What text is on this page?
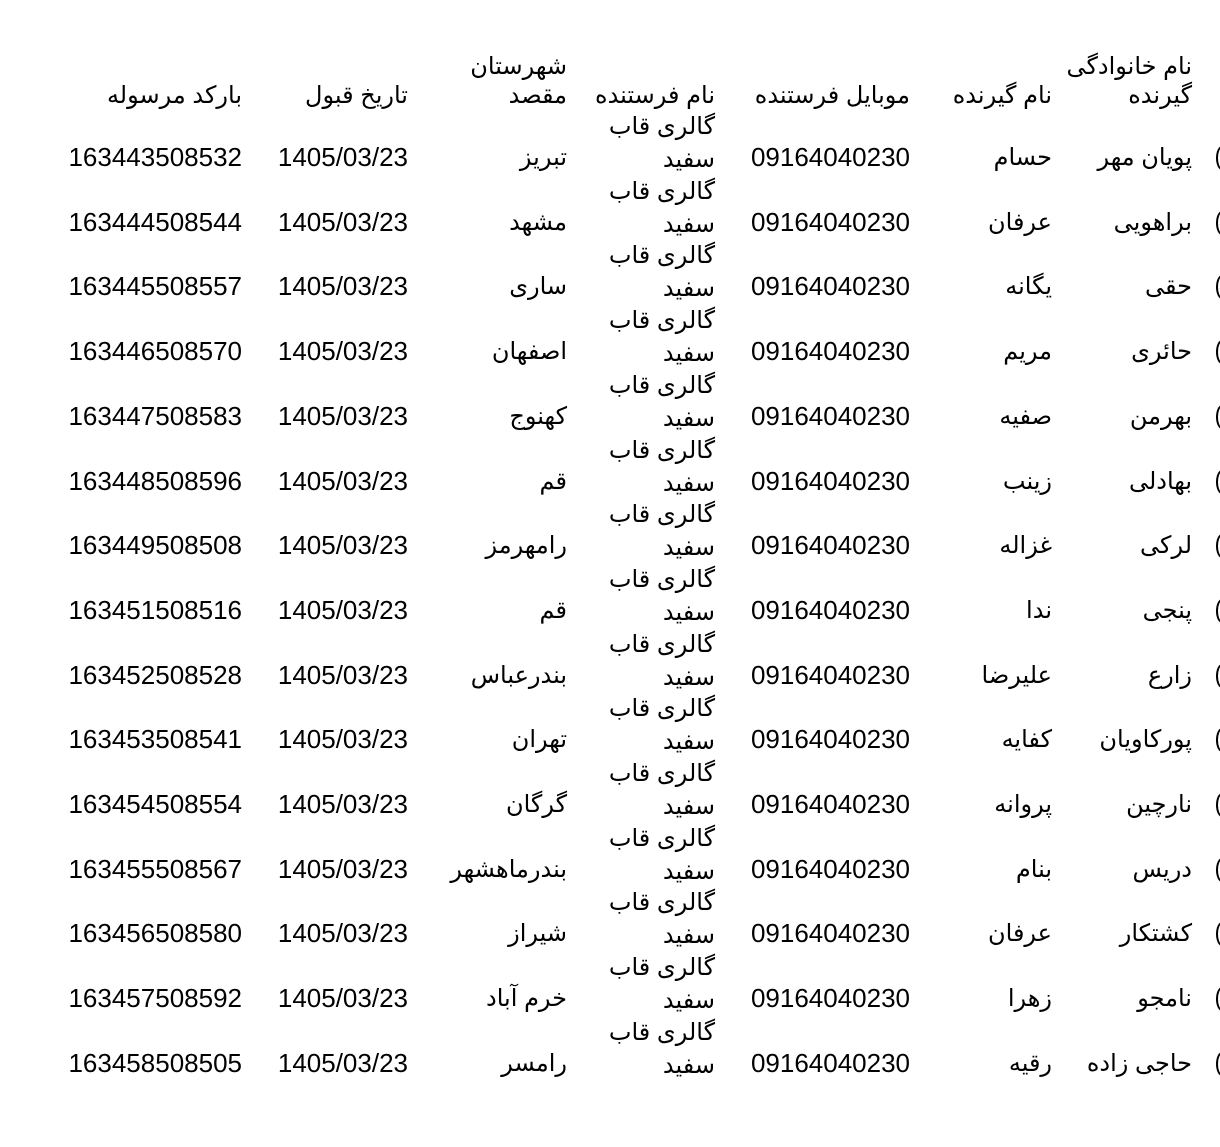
نام خانوادگی
گیرنده
نام گیرنده
موبایل فرستنده
نام فرستنده
شهرستان
مقصد
تاریخ قبول
بارکد مرسوله
پویان مهر
حسام
09164040230
گالری قاب
سفید
تبریز
1405/03/23
163443508532
براهویی
عرفان
09164040230
گالری قاب
سفید
مشهد
1405/03/23
163444508544
حقی
یگانه
09164040230
گالری قاب
سفید
ساری
1405/03/23
163445508557
حائری
مریم
09164040230
گالری قاب
سفید
اصفهان
1405/03/23
163446508570
بهرمن
صفیه
09164040230
گالری قاب
سفید
کهنوج
1405/03/23
163447508583
بهادلی
زینب
09164040230
گالری قاب
سفید
قم
1405/03/23
163448508596
لرکی
غزاله
09164040230
گالری قاب
سفید
رامهرمز
1405/03/23
163449508508
پنجی
ندا
09164040230
گالری قاب
سفید
قم
1405/03/23
163451508516
زارع
علیرضا
09164040230
گالری قاب
سفید
بندرعباس
1405/03/23
163452508528
پورکاویان
کفایه
09164040230
گالری قاب
سفید
تهران
1405/03/23
163453508541
نارچین
پروانه
09164040230
گالری قاب
سفید
گرگان
1405/03/23
163454508554
دریس
بنام
09164040230
گالری قاب
سفید
بندرماهشهر
1405/03/23
163455508567
کشتکار
عرفان
09164040230
گالری قاب
سفید
شیراز
1405/03/23
163456508580
نامجو
زهرا
09164040230
گالری قاب
سفید
خرم آباد
1405/03/23
163457508592
حاجی زاده
رقیه
09164040230
گالری قاب
سفید
رامسر
1405/03/23
163458508505
